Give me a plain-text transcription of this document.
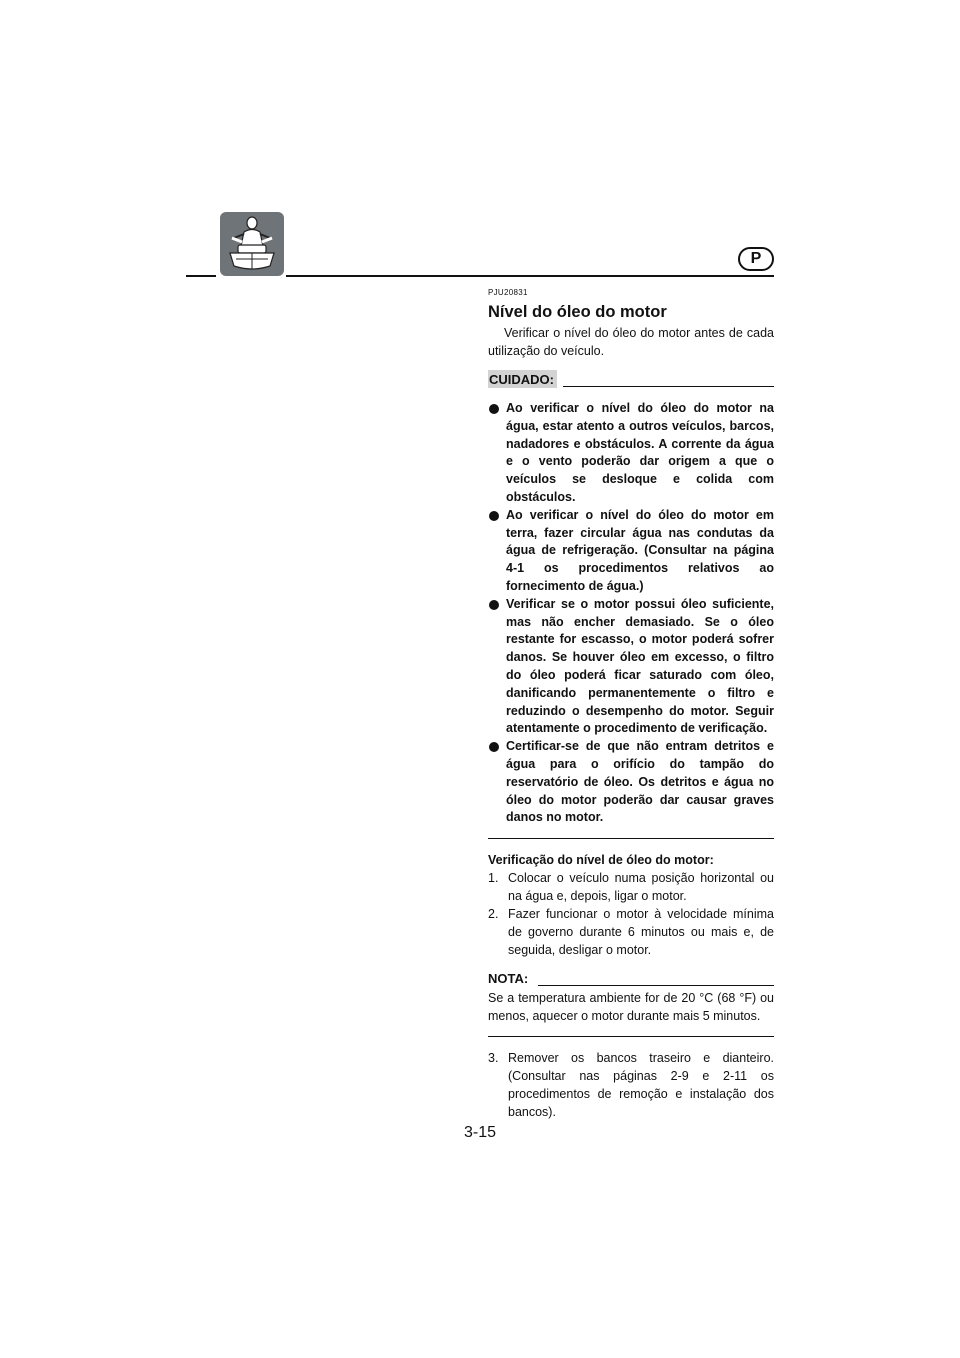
P
PJU20831
Nível do óleo do motor

Verificar o nível do óleo do motor antes de cada utilização do veículo.

CUIDADO:
Ao verificar o nível do óleo do motor na água, estar atento a outros veículos, barcos, nadadores e obstáculos. A corrente da água e o vento poderão dar origem a que o veículos se desloque e colida com obstáculos.
Ao verificar o nível do óleo do motor em terra, fazer circular água nas condutas da água de refrigeração. (Consultar na página 4-1 os procedimentos relativos ao fornecimento de água.)
Verificar se o motor possui óleo suficiente, mas não encher demasiado. Se o óleo restante for escasso, o motor poderá sofrer danos. Se houver óleo em excesso, o filtro do óleo poderá ficar saturado com óleo, danificando permanentemente o filtro e reduzindo o desempenho do motor. Seguir atentamente o procedimento de verificação.
Certificar-se de que não entram detritos e água para o orifício do tampão do reservatório de óleo. Os detritos e água no óleo do motor poderão dar causar graves danos no motor.

Verificação do nível de óleo do motor:

1. Colocar o veículo numa posição horizontal ou na água e, depois, ligar o motor.
2. Fazer funcionar o motor à velocidade mínima de governo durante 6 minutos ou mais e, de seguida, desligar o motor.
NOTA:

Se a temperatura ambiente for de 20 °C (68 °F) ou menos, aquecer o motor durante mais 5 minutos.

3. Remover os bancos traseiro e dianteiro. (Consultar nas páginas 2-9 e 2-11 os procedimentos de remoção e instalação dos bancos).
3-15
